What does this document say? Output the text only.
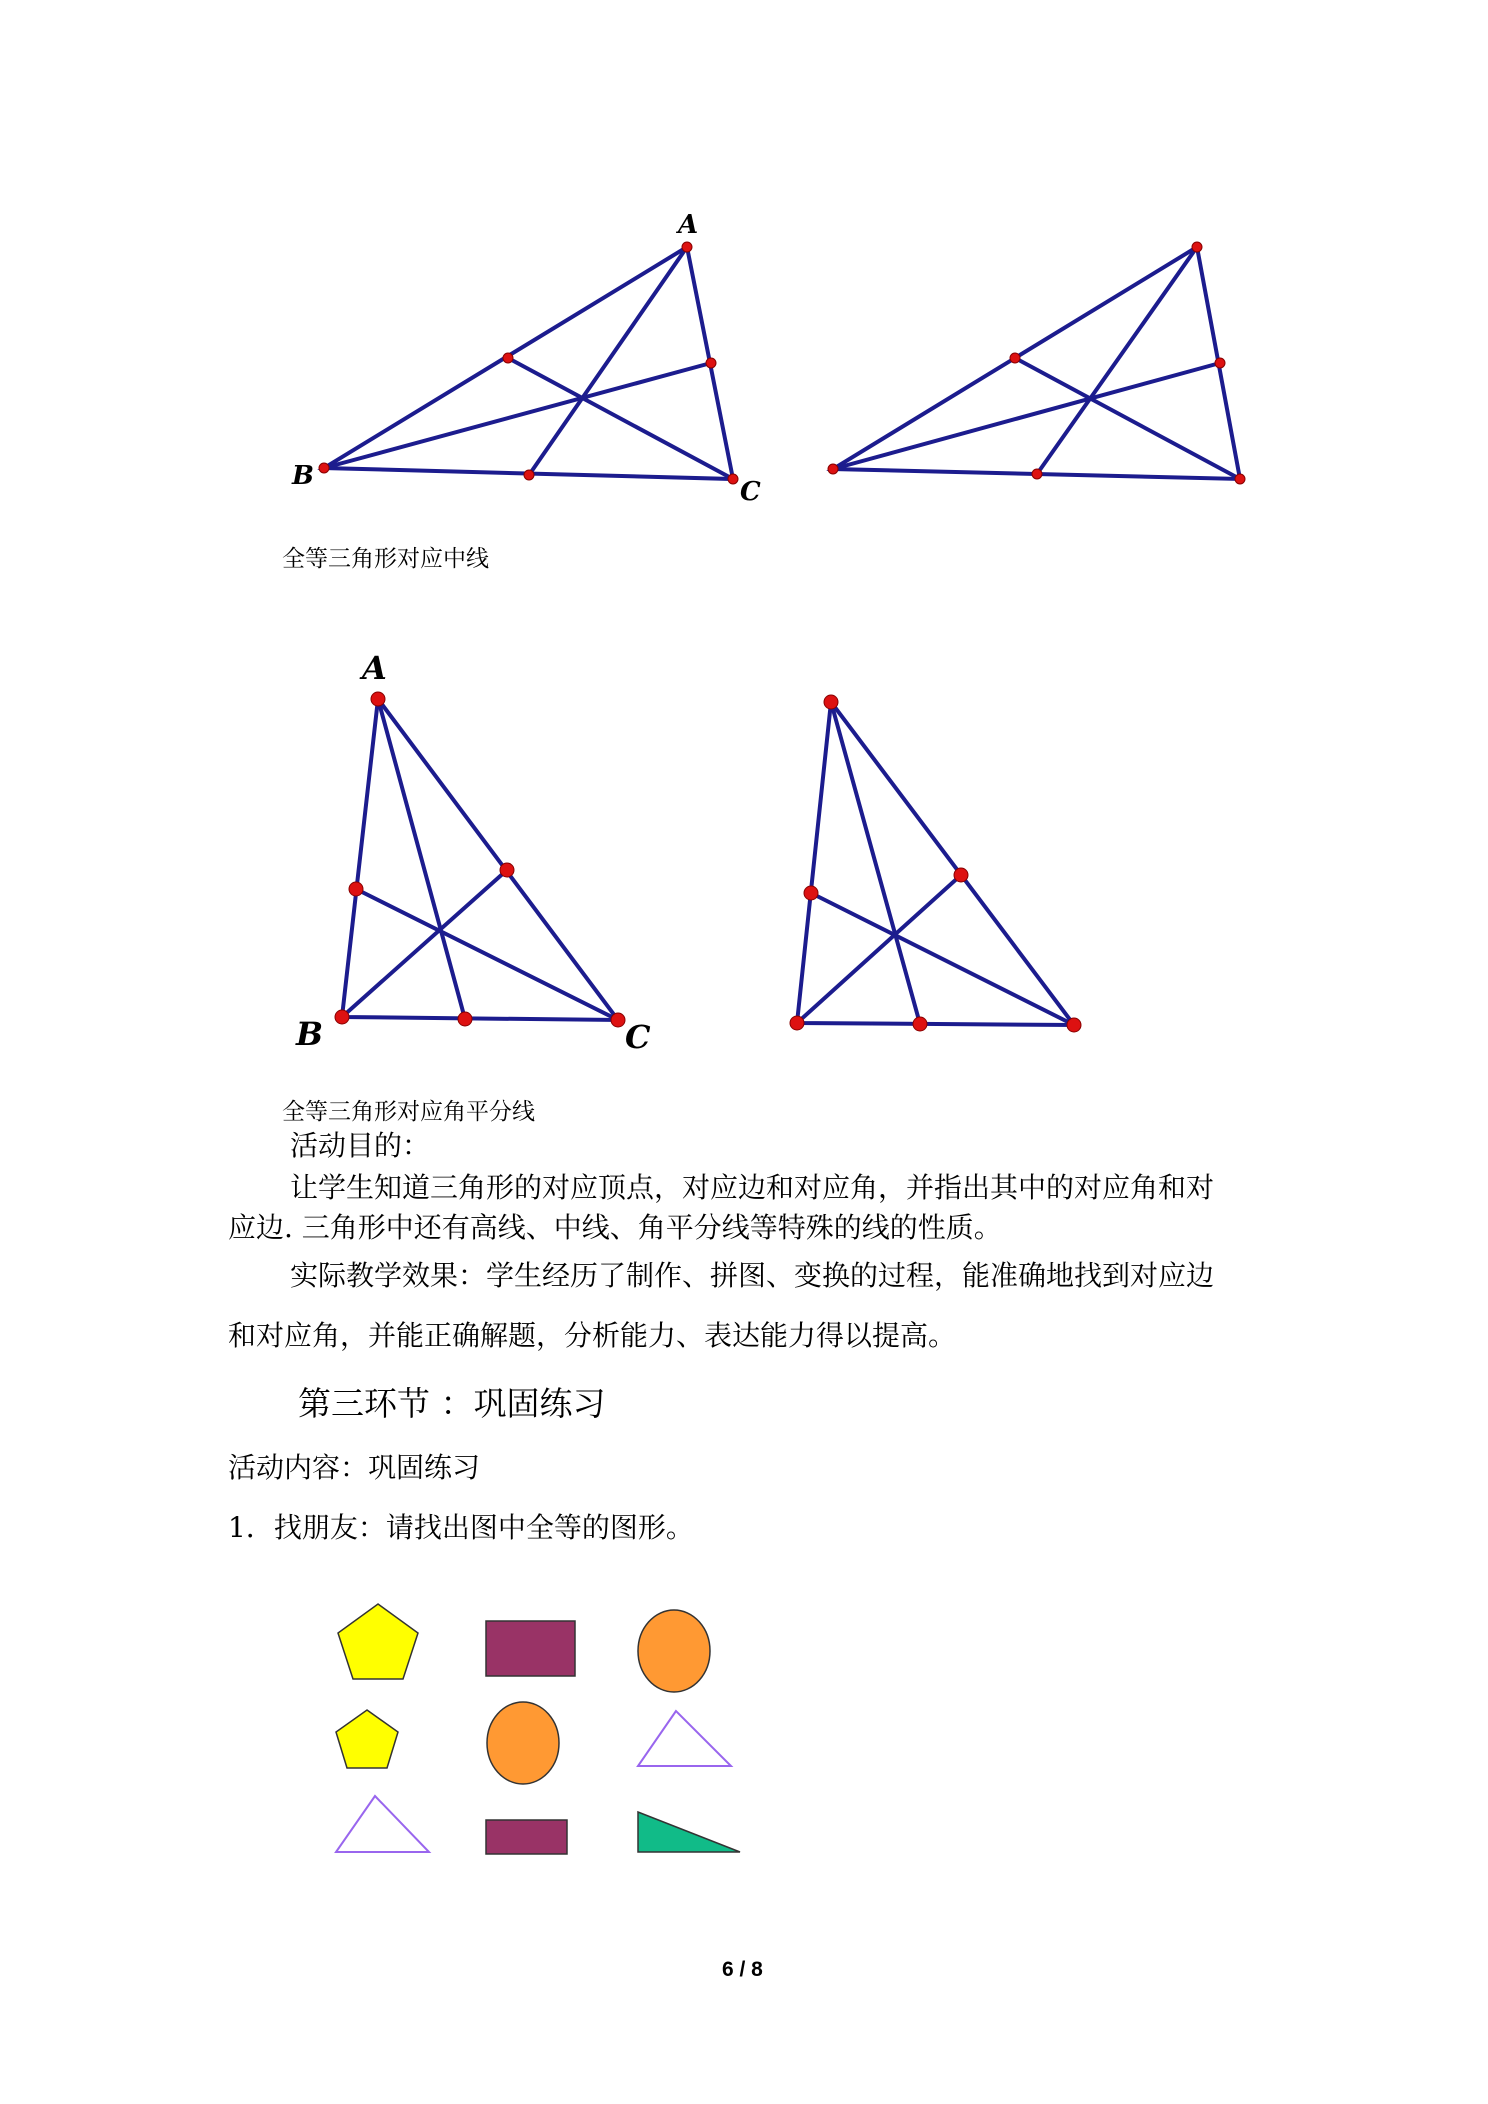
A
B
C
全等三角形对应中线
A
B	C
全等三角形对应角平分线
活动目的：
让学生知道三角形的对应顶点，对应边和对应角，并指出其中的对应角和对
应边. 三角形中还有高线、中线、角平分线等特殊的线的性质。
实际教学效果：学生经历了制作、拼图、变换的过程，能准确地找到对应边
和对应角，并能正确解题，分析能力、表达能力得以提高。
第三环节 ：巩固练习
活动内容：巩固练习
1．找朋友：请找出图中全等的图形。
6 / 8
